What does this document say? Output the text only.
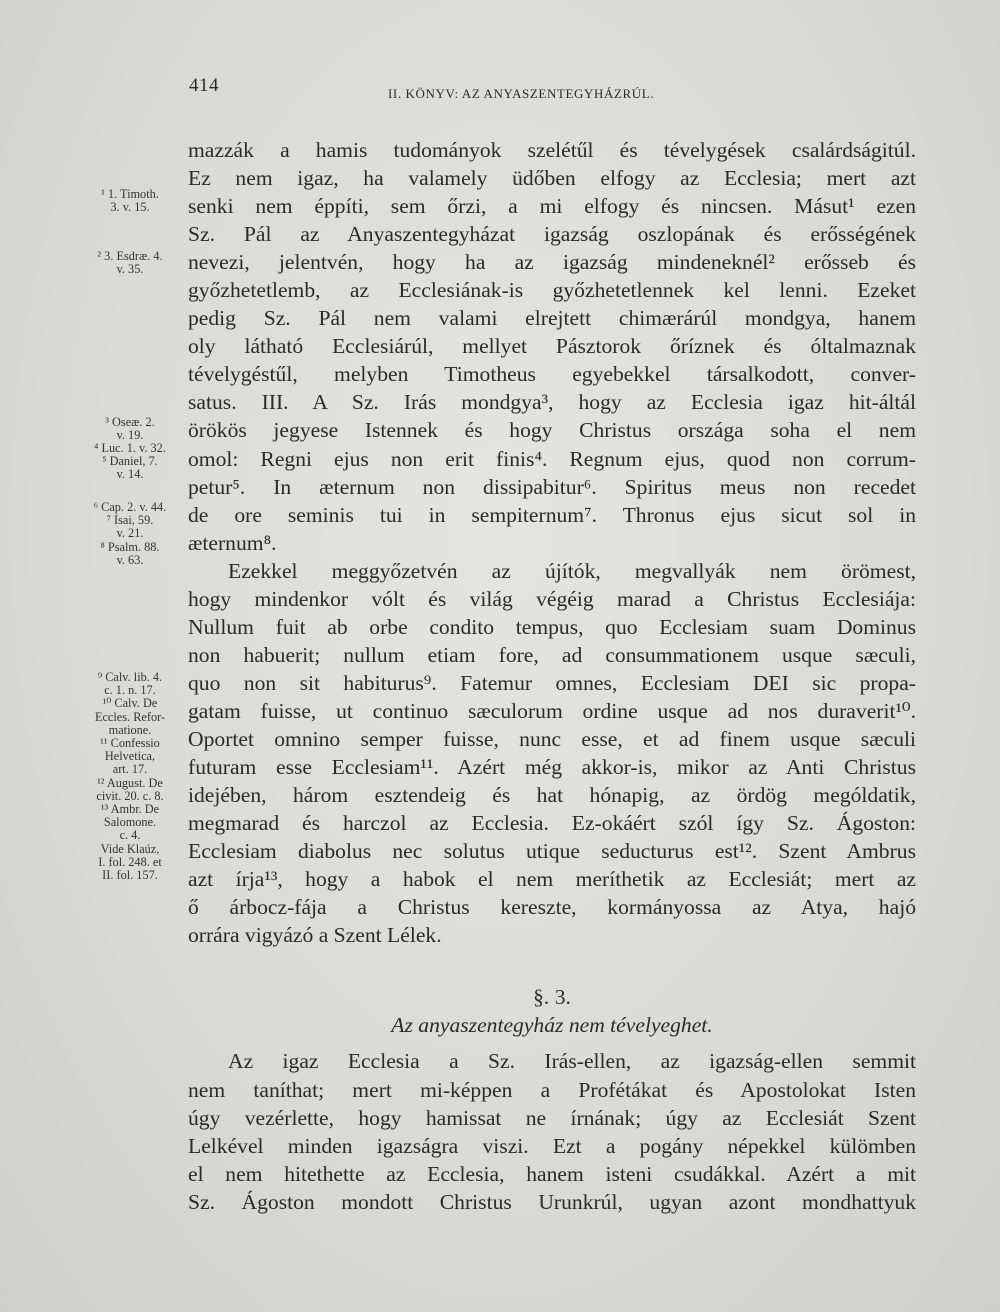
414	II. KÖNYV: AZ ANYASZENTEGYHÁZRÚL.
¹ 1. Timoth.
3. v. 15.
² 3. Esdræ. 4.
v. 35.
³ Oseæ. 2.
v. 19.
⁴ Luc. 1. v. 32.
⁵ Daniel, 7.
v. 14.
⁶ Cap. 2. v. 44.
⁷ Isai, 59.
v. 21.
⁸ Psalm. 88.
v. 63.
⁹ Calv. lib. 4.
c. 1. n. 17.
¹⁰ Calv. De
Eccles. Refor-
matione.
¹¹ Confessio
Helvetica,
art. 17.
¹² August. De
civit. 20. c. 8.
¹³ Ambr. De
Salomone.
c. 4.
Vide Klaúz,
I. fol. 248. et
II. fol. 157.
mazzák a hamis tudományok szelétűl és tévelygések csalárdságitúl.
Ez nem igaz, ha valamely üdőben elfogy az Ecclesia; mert azt
senki nem éppíti, sem őrzi, a mi elfogy és nincsen. Másut¹ ezen
Sz. Pál az Anyaszentegyházat igazság oszlopának és erősségének
nevezi, jelentvén, hogy ha az igazság mindeneknél² erősseb és
győzhetetlemb, az Ecclesiának-is győzhetetlennek kel lenni. Ezeket
pedig Sz. Pál nem valami elrejtett chimærárúl mondgya, hanem
oly látható Ecclesiárúl, mellyet Pásztorok őríznek és óltalmaznak
tévelygéstűl, melyben Timotheus egyebekkel társalkodott, conver-
satus. III. A Sz. Irás mondgya³, hogy az Ecclesia igaz hit-áltál
örökös jegyese Istennek és hogy Christus országa soha el nem
omol: Regni ejus non erit finis⁴. Regnum ejus, quod non corrum-
petur⁵. In æternum non dissipabitur⁶. Spiritus meus non recedet
de ore seminis tui in sempiternum⁷. Thronus ejus sicut sol in
æternum⁸.
Ezekkel meggyőzetvén az újítók, megvallyák nem örömest,
hogy mindenkor vólt és világ végéig marad a Christus Ecclesiája:
Nullum fuit ab orbe condito tempus, quo Ecclesiam suam Dominus
non habuerit; nullum etiam fore, ad consummationem usque sæculi,
quo non sit habiturus⁹. Fatemur omnes, Ecclesiam DEI sic propa-
gatam fuisse, ut continuo sæculorum ordine usque ad nos duraverit¹⁰.
Oportet omnino semper fuisse, nunc esse, et ad finem usque sæculi
futuram esse Ecclesiam¹¹. Azért még akkor-is, mikor az Anti Christus
idejében, három esztendeig és hat hónapig, az ördög mególdatik,
megmarad és harczol az Ecclesia. Ez-okáért szól így Sz. Ágoston:
Ecclesiam diabolus nec solutus utique seducturus est¹². Szent Ambrus
azt írja¹³, hogy a habok el nem meríthetik az Ecclesiát; mert az
ő árbocz-fája a Christus kereszte, kormányossa az Atya, hajó
orrára vigyázó a Szent Lélek.
§. 3.
Az anyaszentegyház nem tévelyeghet.
Az igaz Ecclesia a Sz. Irás-ellen, az igazság-ellen semmit
nem taníthat; mert mi-képpen a Profétákat és Apostolokat Isten
úgy vezérlette, hogy hamissat ne írnának; úgy az Ecclesiát Szent
Lelkével minden igazságra viszi. Ezt a pogány népekkel külömben
el nem hitethette az Ecclesia, hanem isteni csudákkal. Azért a mit
Sz. Ágoston mondott Christus Urunkrúl, ugyan azont mondhattyuk
